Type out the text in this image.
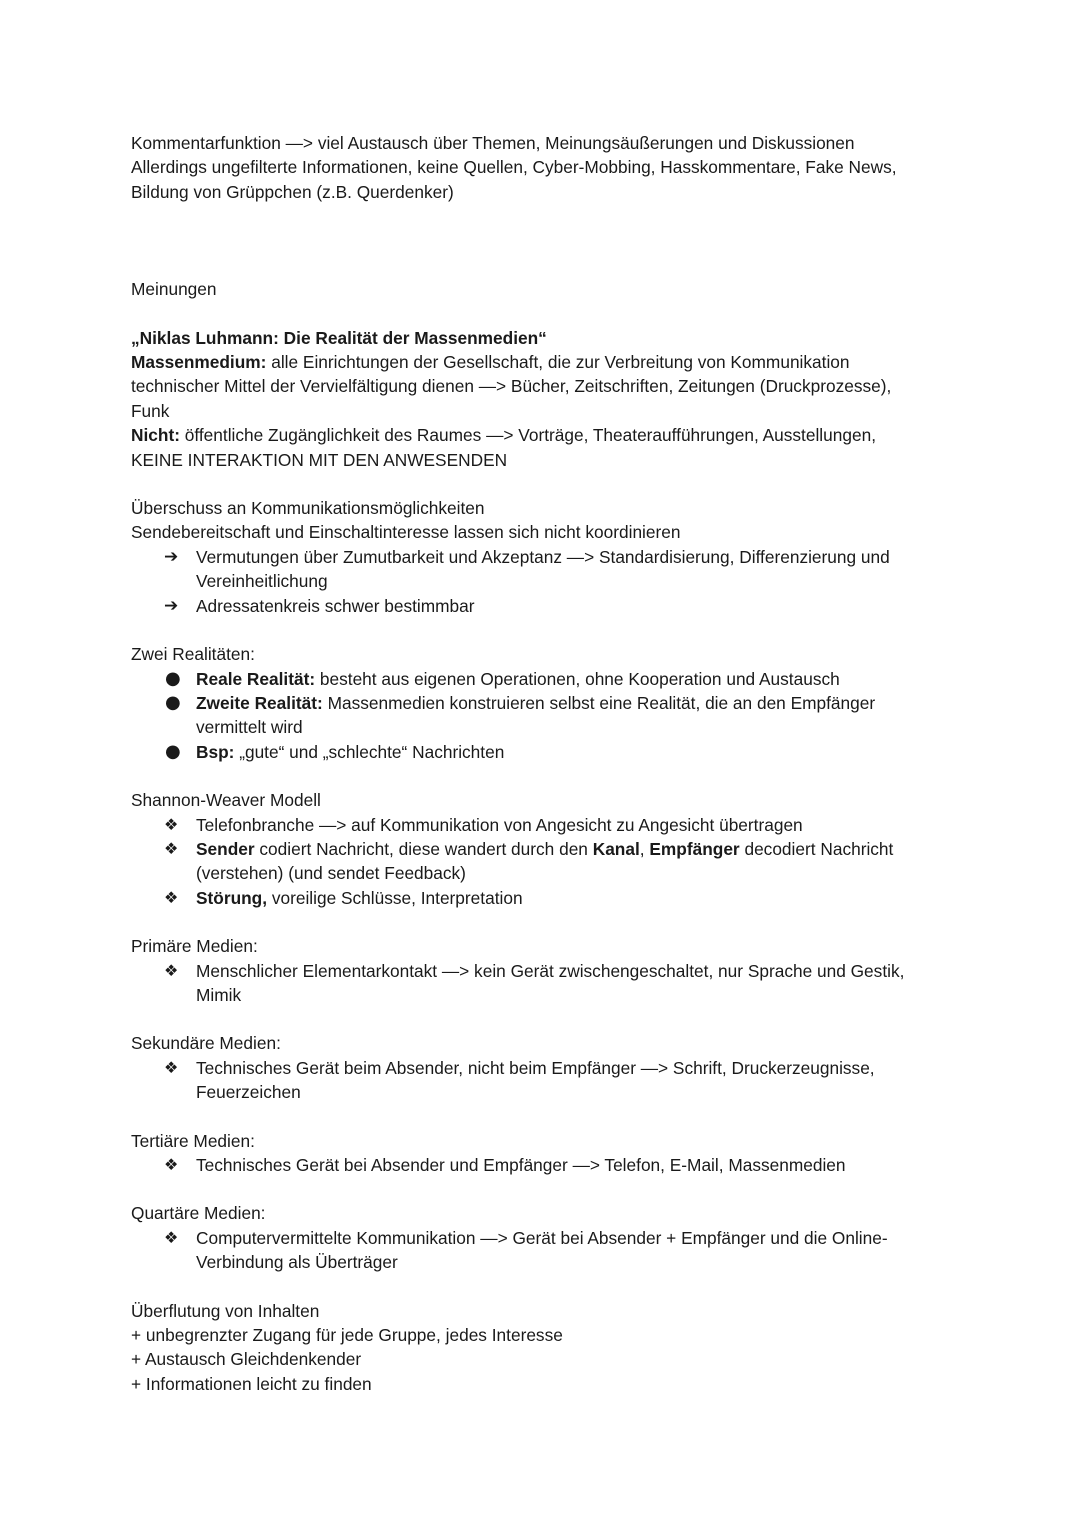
Kommentarfunktion —> viel Austausch über Themen, Meinungsäußerungen und Diskussionen
Allerdings ungefilterte Informationen, keine Quellen, Cyber-Mobbing, Hasskommentare, Fake News,
Bildung von Grüppchen (z.B. Querdenker)
Meinungen
„Niklas Luhmann: Die Realität der Massenmedien“
Massenmedium: alle Einrichtungen der Gesellschaft, die zur Verbreitung von Kommunikation
technischer Mittel der Vervielfältigung dienen —> Bücher, Zeitschriften, Zeitungen (Druckprozesse),
Funk
Nicht: öffentliche Zugänglichkeit des Raumes —> Vorträge, Theateraufführungen, Ausstellungen,
KEINE INTERAKTION MIT DEN ANWESENDEN
Überschuss an Kommunikationsmöglichkeiten
Sendebereitschaft und Einschaltinteresse lassen sich nicht koordinieren
➔	Vermutungen über Zumutbarkeit und Akzeptanz —> Standardisierung, Differenzierung und
Vereinheitlichung
➔	Adressatenkreis schwer bestimmbar
Zwei Realitäten:
● Reale Realität: besteht aus eigenen Operationen, ohne Kooperation und Austausch
● Zweite Realität: Massenmedien konstruieren selbst eine Realität, die an den Empfänger
vermittelt wird
● Bsp: „gute“ und „schlechte“ Nachrichten
Shannon-Weaver Modell
❖	Telefonbranche —> auf Kommunikation von Angesicht zu Angesicht übertragen
❖	Sender codiert Nachricht, diese wandert durch den Kanal, Empfänger decodiert Nachricht
(verstehen) (und sendet Feedback)
❖	Störung, voreilige Schlüsse, Interpretation
Primäre Medien:
❖	Menschlicher Elementarkontakt —> kein Gerät zwischengeschaltet, nur Sprache und Gestik,
Mimik
Sekundäre Medien:
❖	Technisches Gerät beim Absender, nicht beim Empfänger —> Schrift, Druckerzeugnisse,
Feuerzeichen
Tertiäre Medien:
❖	Technisches Gerät bei Absender und Empfänger —> Telefon, E-Mail, Massenmedien
Quartäre Medien:
❖	Computervermittelte Kommunikation —> Gerät bei Absender + Empfänger und die Online-
Verbindung als Überträger
Überflutung von Inhalten
+ unbegrenzter Zugang für jede Gruppe, jedes Interesse
+ Austausch Gleichdenkender
+ Informationen leicht zu finden
